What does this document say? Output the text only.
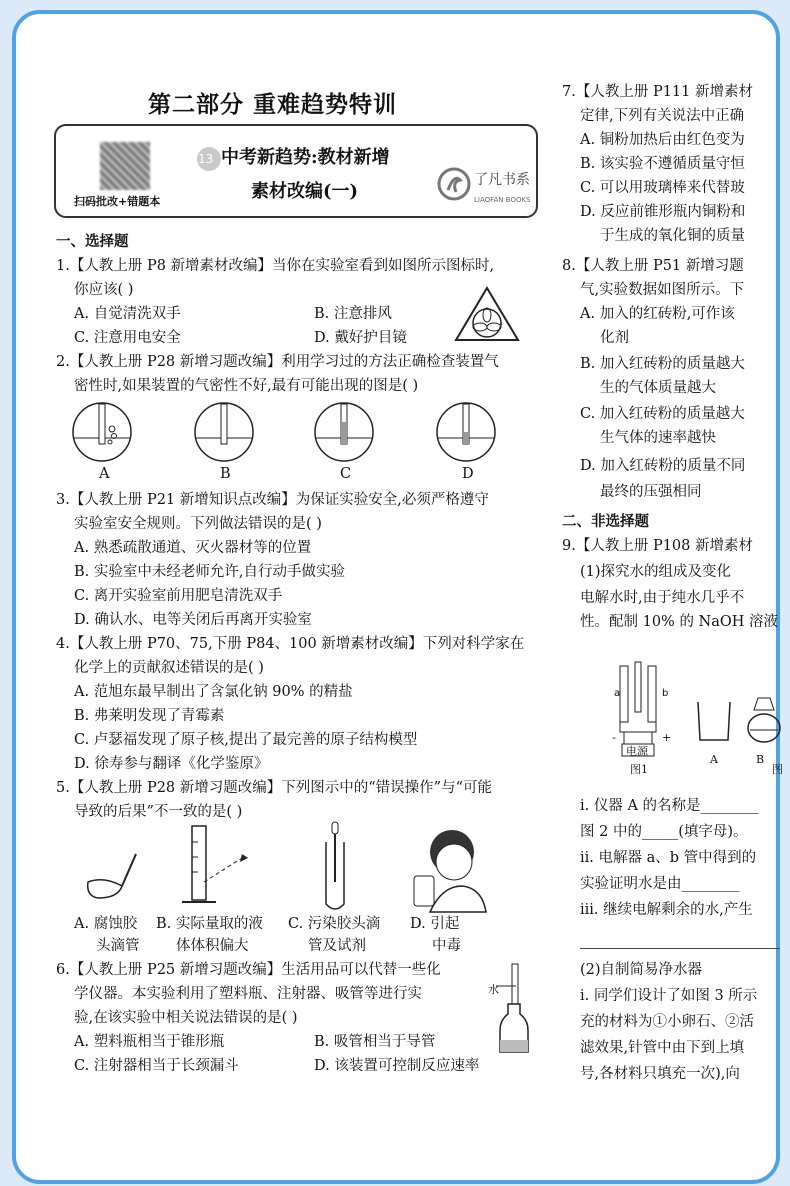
第二部分 重难趋势特训
扫码批改+错题本
13 中考新趋势:教材新增
素材改编(一)
了凡书系
LIAOFAN BOOKS
一、选择题
1.【人教上册 P8 新增素材改编】当你在实验室看到如图所示图标时,
你应该( )
A. 自觉清洗双手	B. 注意排风
C. 注意用电安全	D. 戴好护目镜
2.【人教上册 P28 新增习题改编】利用学习过的方法正确检查装置气
密性时,如果装置的气密性不好,最有可能出现的图是( )
A	B	C	D
3.【人教上册 P21 新增知识点改编】为保证实验安全,必须严格遵守
实验室安全规则。下列做法错误的是( )
A. 熟悉疏散通道、灭火器材等的位置
B. 实验室中未经老师允许,自行动手做实验
C. 离开实验室前用肥皂清洗双手
D. 确认水、电等关闭后再离开实验室
4.【人教上册 P70、75,下册 P84、100 新增素材改编】下列对科学家在
化学上的贡献叙述错误的是( )
A. 范旭东最早制出了含氯化钠 90% 的精盐
B. 弗莱明发现了青霉素
C. 卢瑟福发现了原子核,提出了最完善的原子结构模型
D. 徐寿参与翻译《化学鉴原》
5.【人教上册 P28 新增习题改编】下列图示中的“错误操作”与“可能
导致的后果”不一致的是( )
A. 腐蚀胶
头滴管
B. 实际量取的液
体体积偏大
C. 污染胶头滴
管及试剂
D. 引起
中毒
6.【人教上册 P25 新增习题改编】生活用品可以代替一些化
学仪器。本实验利用了塑料瓶、注射器、吸管等进行实
验,在该实验中相关说法错误的是( )
水
A. 塑料瓶相当于锥形瓶	B. 吸管相当于导管
C. 注射器相当于长颈漏斗	D. 该装置可控制反应速率
7.【人教上册 P111 新增素材
定律,下列有关说法中正确
A. 铜粉加热后由红色变为
B. 该实验不遵循质量守恒
C. 可以用玻璃棒来代替玻
D. 反应前锥形瓶内铜粉和
于生成的氧化铜的质量
8.【人教上册 P51 新增习题
气,实验数据如图所示。下
A. 加入的红砖粉,可作该
化剂
B. 加入红砖粉的质量越大
生的气体质量越大
C. 加入红砖粉的质量越大
生气体的速率越快
D. 加入红砖粉的质量不同
最终的压强相同
二、非选择题
9.【人教上册 P108 新增素材
(1)探究水的组成及变化
电解水时,由于纯水几乎不
性。配制 10% 的 NaOH 溶液
a	b
-	+
电源
图1
A	B
图
i. 仪器 A 的名称是________
图 2 中的_____(填字母)。
ii. 电解器 a、b 管中得到的
实验证明水是由________
iii. 继续电解剩余的水,产生
(2)自制简易净水器
i. 同学们设计了如图 3 所示
充的材料为①小卵石、②活
滤效果,针管中由下到上填
号,各材料只填充一次),向
